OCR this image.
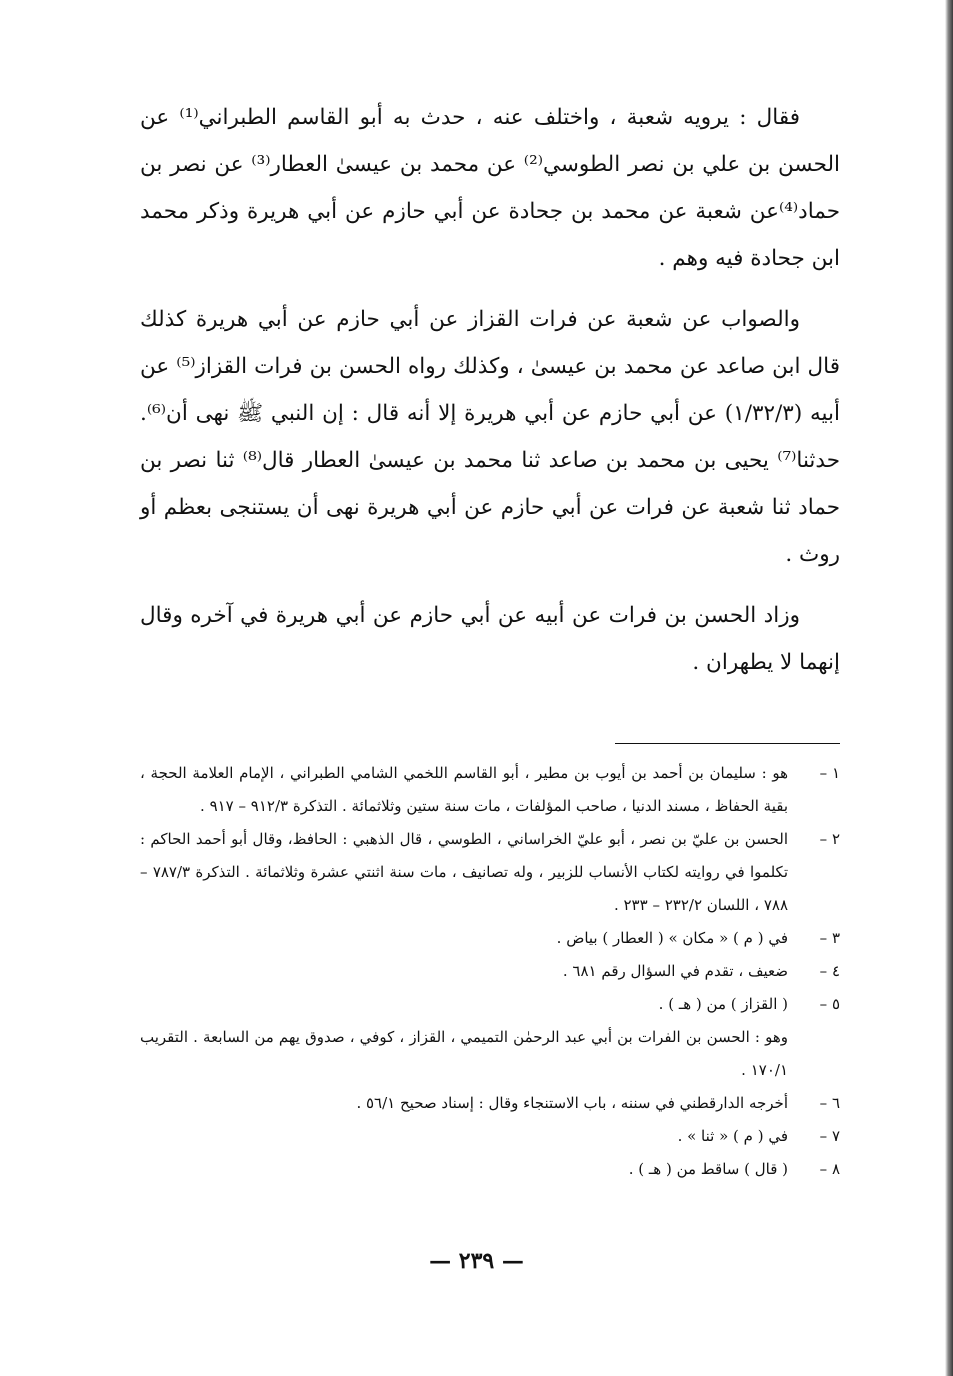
فقال : يرويه شعبة ، واختلف عنه ، حدث به أبو القاسم الطبراني⁽¹⁾ عن الحسن بن علي بن نصر الطوسي⁽²⁾ عن محمد بن عيسىٰ العطار⁽³⁾ عن نصر بن حماد⁽⁴⁾عن شعبة عن محمد بن جحادة عن أبي حازم عن أبي هريرة وذكر محمد ابن جحادة فيه وهم .

والصواب عن شعبة عن فرات القزاز عن أبي حازم عن أبي هريرة كذلك قال ابن صاعد عن محمد بن عيسىٰ ، وكذلك رواه الحسن بن فرات القزاز⁽⁵⁾ عن أبيه (١/٣٢/٣) عن أبي حازم عن أبي هريرة إلا أنه قال : إن النبي ﷺ نهى أن⁽⁶⁾. حدثنا⁽⁷⁾ يحيى بن محمد بن صاعد ثنا محمد بن عيسىٰ العطار قال⁽⁸⁾ ثنا نصر بن حماد ثنا شعبة عن فرات عن أبي حازم عن أبي هريرة نهى أن يستنجى بعظم أو روث .

وزاد الحسن بن فرات عن أبيه عن أبي حازم عن أبي هريرة في آخره وقال إنهما لا يطهران .

١ –
هو : سليمان بن أحمد بن أيوب بن مطير ، أبو القاسم اللخمي الشامي الطبراني ، الإمام العلامة الحجة ، بقية الحفاظ ، مسند الدنيا ، صاحب المؤلفات ، مات سنة ستين وثلاثمائة . التذكرة ٩١٢/٣ – ٩١٧ .
٢ –
الحسن بن عليّ بن نصر ، أبو عليّ الخراساني ، الطوسي ، قال الذهبي : الحافظ، وقال أبو أحمد الحاكم : تكلموا في روايته لكتاب الأنساب للزبير ، وله تصانيف ، مات سنة اثنتي عشرة وثلاثمائة . التذكرة ٧٨٧/٣ – ٧٨٨ ، اللسان ٢٣٢/٢ – ٢٣٣ .
٣ –
في ( م ) « مكان » ( العطار ) بياض .
٤ –
ضعيف ، تقدم في السؤال رقم ٦٨١ .
٥ –
( القزاز ) من ( هـ ) .
وهو : الحسن بن الفرات بن أبي عبد الرحمٰن التميمي ، القزاز ، كوفي ، صدوق يهم من السابعة . التقريب ١٧٠/١ .
٦ –
أخرجه الدارقطني في سننه ، باب الاستنجاء وقال : إسناد صحيح ٥٦/١ .
٧ –
في ( م ) « ثنا » .
٨ –
( قال ) ساقط من ( هـ ) .
— ٢٣٩ —
